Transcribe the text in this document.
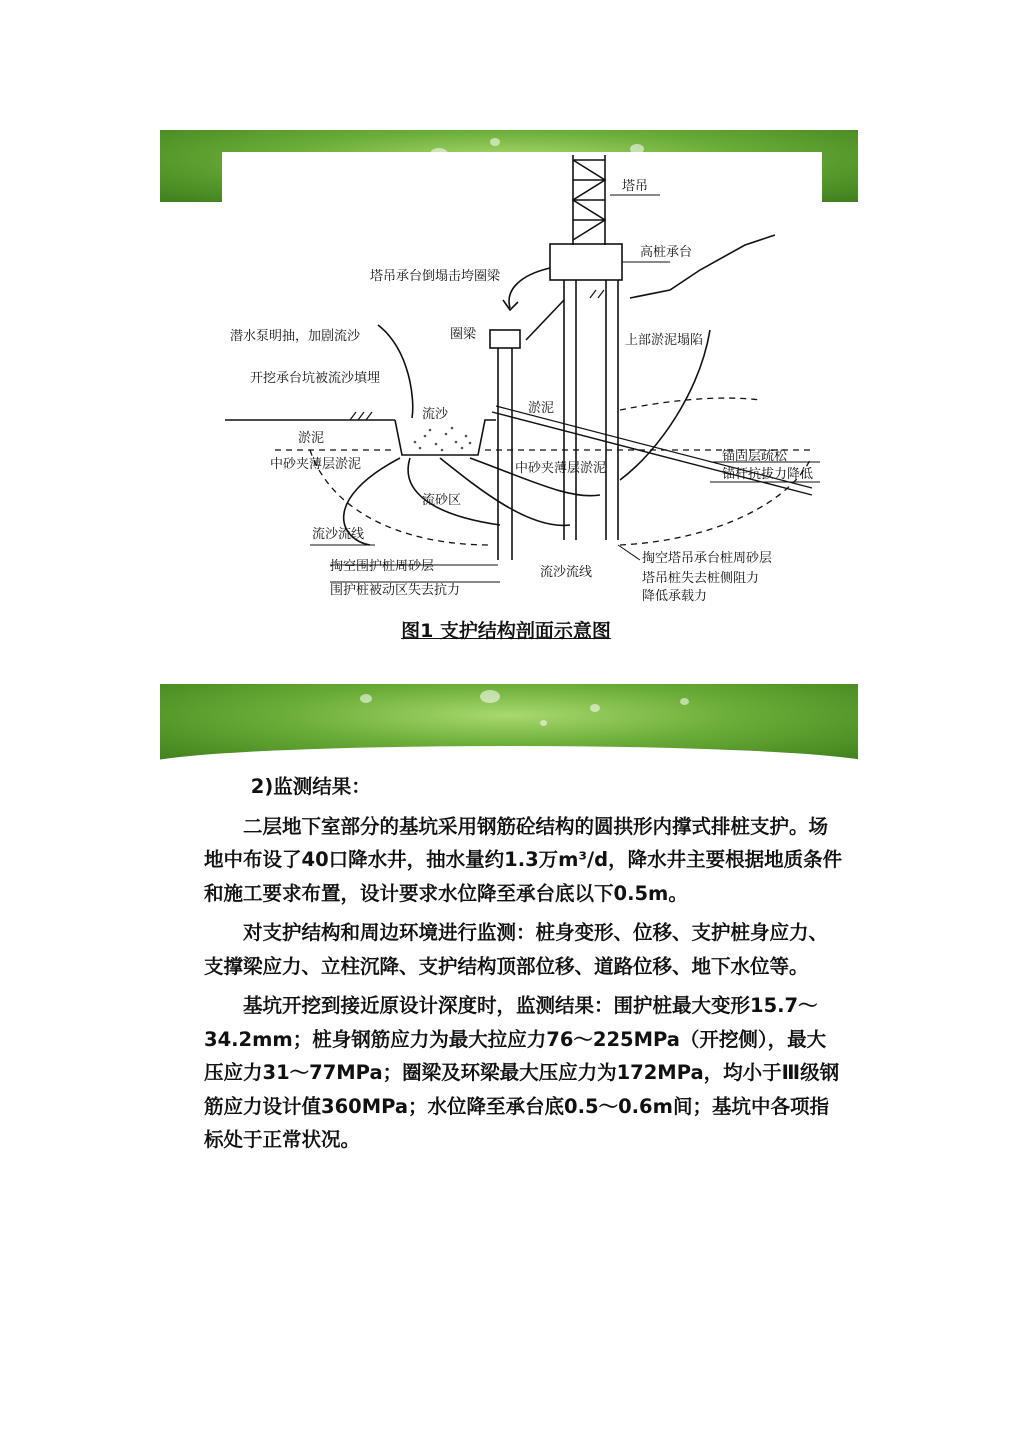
塔吊
高桩承台
塔吊承台倒塌击垮圈梁
圈梁	上部淤泥塌陷
潜水泵明抽，加剧流沙
开挖承台坑被流沙填埋
流沙	淤泥
淤泥
中砂夹薄层淤泥	中砂夹薄层淤泥
锚固层疏松
锚杆抗拔力降低
流砂区
流沙流线
掏空围护桩周砂层
围护桩被动区失去抗力
流沙流线
掏空塔吊承台桩周砂层
塔吊桩失去桩侧阻力
降低承载力
图1 支护结构剖面示意图

2)监测结果：

二层地下室部分的基坑采用钢筋砼结构的圆拱形内撑式排桩支护。场地中布设了40口降水井，抽水量约1.3万m³/d，降水井主要根据地质条件和施工要求布置，设计要求水位降至承台底以下0.5m。

对支护结构和周边环境进行监测：桩身变形、位移、支护桩身应力、支撑梁应力、立柱沉降、支护结构顶部位移、道路位移、地下水位等。

基坑开挖到接近原设计深度时，监测结果：围护桩最大变形15.7～34.2mm；桩身钢筋应力为最大拉应力76～225MPa（开挖侧），最大压应力31～77MPa；圈梁及环梁最大压应力为172MPa，均小于Ⅲ级钢筋应力设计值360MPa；水位降至承台底0.5～0.6m间；基坑中各项指标处于正常状况。
